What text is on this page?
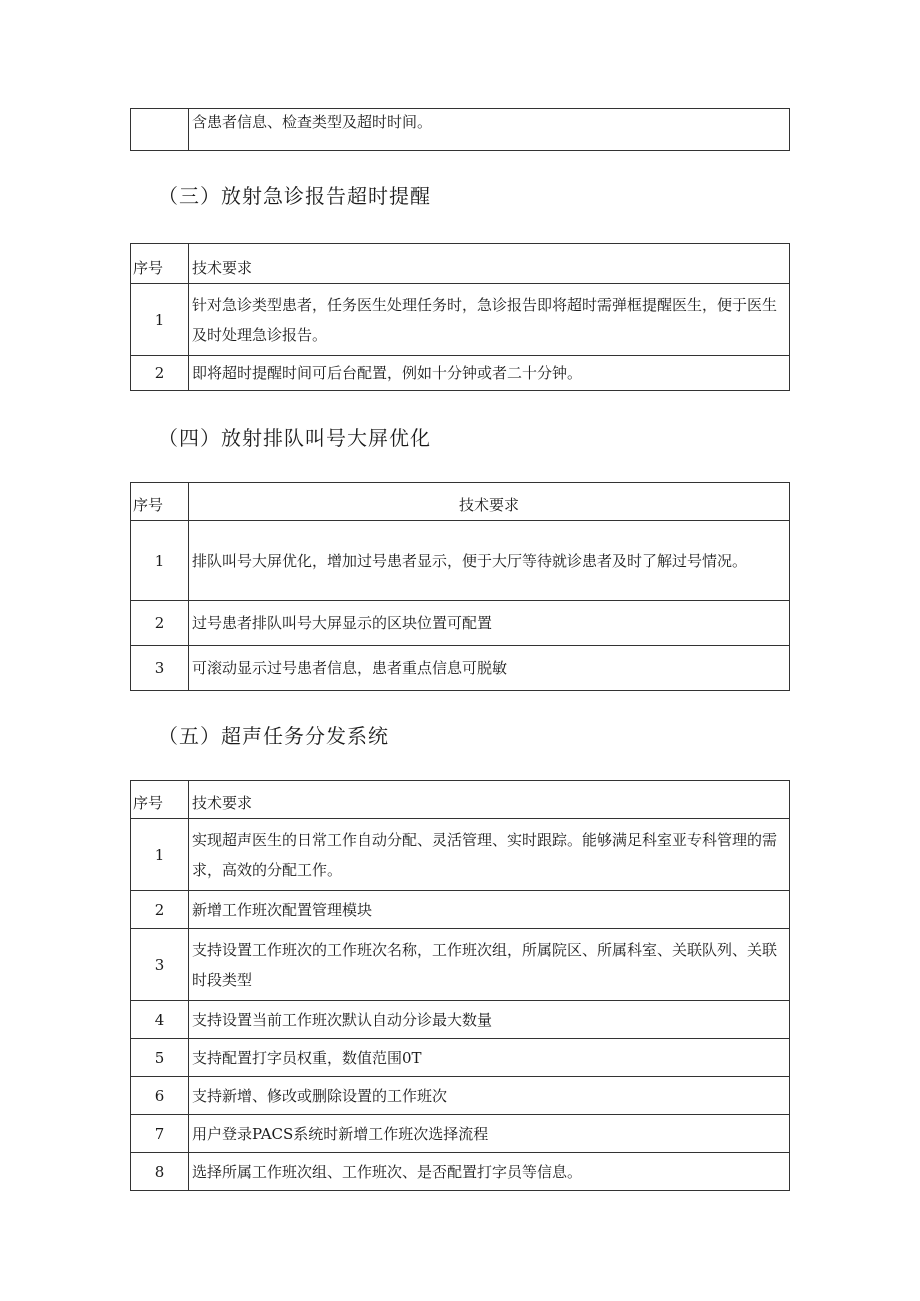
	含患者信息、检查类型及超时时间。
（三）放射急诊报告超时提醒
序号	技术要求
1	针对急诊类型患者，任务医生处理任务时，急诊报告即将超时需弹框提醒医生，便于医生及时处理急诊报告。
2	即将超时提醒时间可后台配置，例如十分钟或者二十分钟。
（四）放射排队叫号大屏优化
序号	技术要求
1	排队叫号大屏优化，增加过号患者显示，便于大厅等待就诊患者及时了解过号情况。
2	过号患者排队叫号大屏显示的区块位置可配置
3	可滚动显示过号患者信息，患者重点信息可脱敏
（五）超声任务分发系统
序号	技术要求
1	实现超声医生的日常工作自动分配、灵活管理、实时跟踪。能够满足科室亚专科管理的需求，高效的分配工作。
2	新增工作班次配置管理模块
3	支持设置工作班次的工作班次名称，工作班次组，所属院区、所属科室、关联队列、关联时段类型
4	支持设置当前工作班次默认自动分诊最大数量
5	支持配置打字员权重，数值范围0T
6	支持新增、修改或删除设置的工作班次
7	用户登录PACS系统时新增工作班次选择流程
8	选择所属工作班次组、工作班次、是否配置打字员等信息。
